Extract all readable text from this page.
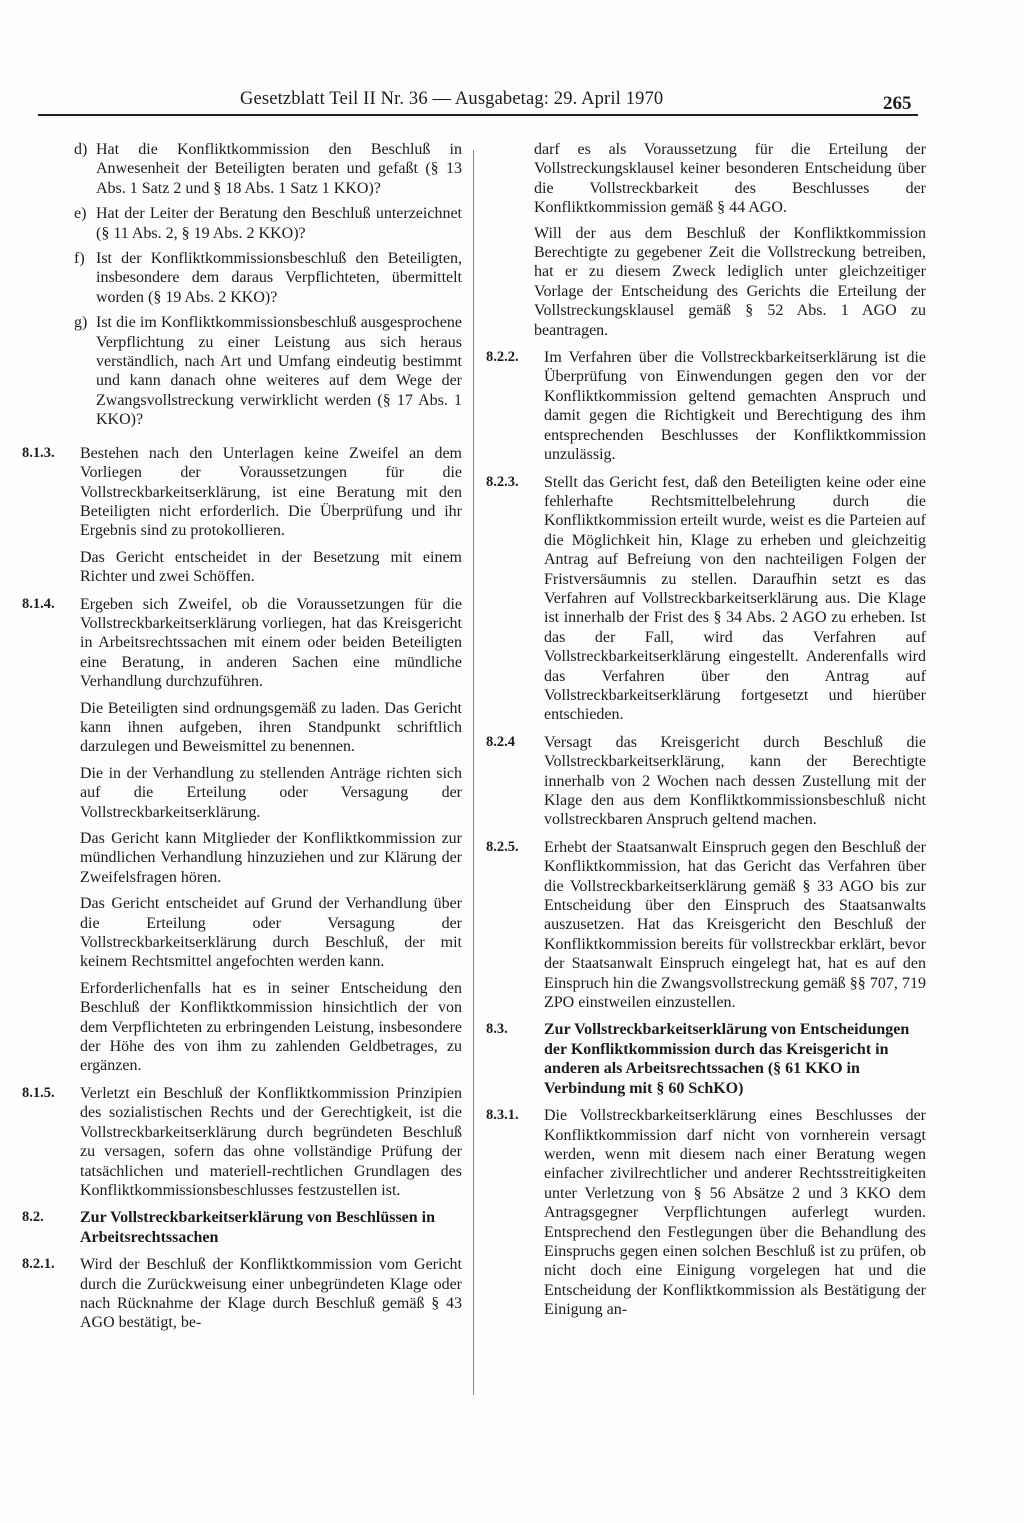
Gesetzblatt Teil II Nr. 36 — Ausgabetag: 29. April 1970	265
d) Hat die Konfliktkommission den Beschluß in Anwesenheit der Beteiligten beraten und gefaßt (§ 13 Abs. 1 Satz 2 und § 18 Abs. 1 Satz 1 KKO)?
e) Hat der Leiter der Beratung den Beschluß unterzeichnet (§ 11 Abs. 2, § 19 Abs. 2 KKO)?
f) Ist der Konfliktkommissionsbeschluß den Beteiligten, insbesondere dem daraus Verpflichteten, übermittelt worden (§ 19 Abs. 2 KKO)?
g) Ist die im Konfliktkommissionsbeschluß ausgesprochene Verpflichtung zu einer Leistung aus sich heraus verständlich, nach Art und Umfang eindeutig bestimmt und kann danach ohne weiteres auf dem Wege der Zwangsvollstreckung verwirklicht werden (§ 17 Abs. 1 KKO)?
8.1.3.	Bestehen nach den Unterlagen keine Zweifel an dem Vorliegen der Voraussetzungen für die Vollstreckbarkeitserklärung, ist eine Beratung mit den Beteiligten nicht erforderlich. Die Überprüfung und ihr Ergebnis sind zu protokollieren.

Das Gericht entscheidet in der Besetzung mit einem Richter und zwei Schöffen.

8.1.4.	Ergeben sich Zweifel, ob die Voraussetzungen für die Vollstreckbarkeitserklärung vorliegen, hat das Kreisgericht in Arbeitsrechtssachen mit einem oder beiden Beteiligten eine Beratung, in anderen Sachen eine mündliche Verhandlung durchzuführen.

Die Beteiligten sind ordnungsgemäß zu laden. Das Gericht kann ihnen aufgeben, ihren Standpunkt schriftlich darzulegen und Beweismittel zu benennen.

Die in der Verhandlung zu stellenden Anträge richten sich auf die Erteilung oder Versagung der Vollstreckbarkeitserklärung.

Das Gericht kann Mitglieder der Konfliktkommission zur mündlichen Verhandlung hinzuziehen und zur Klärung der Zweifelsfragen hören.

Das Gericht entscheidet auf Grund der Verhandlung über die Erteilung oder Versagung der Vollstreckbarkeitserklärung durch Beschluß, der mit keinem Rechtsmittel angefochten werden kann.

Erforderlichenfalls hat es in seiner Entscheidung den Beschluß der Konfliktkommission hinsichtlich der von dem Verpflichteten zu erbringenden Leistung, insbesondere der Höhe des von ihm zu zahlenden Geldbetrages, zu ergänzen.

8.1.5.	Verletzt ein Beschluß der Konfliktkommission Prinzipien des sozialistischen Rechts und der Gerechtigkeit, ist die Vollstreckbarkeitserklärung durch begründeten Beschluß zu versagen, sofern das ohne vollständige Prüfung der tatsächlichen und materiell-rechtlichen Grundlagen des Konfliktkommissionsbeschlusses festzustellen ist.

8.2.	Zur Vollstreckbarkeitserklärung von Beschlüssen in Arbeitsrechtssachen
8.2.1.	Wird der Beschluß der Konfliktkommission vom Gericht durch die Zurückweisung einer unbegründeten Klage oder nach Rücknahme der Klage durch Beschluß gemäß § 43 AGO bestätigt, be-

darf es als Voraussetzung für die Erteilung der Vollstreckungsklausel keiner besonderen Entscheidung über die Vollstreckbarkeit des Beschlusses der Konfliktkommission gemäß § 44 AGO.

Will der aus dem Beschluß der Konfliktkommission Berechtigte zu gegebener Zeit die Vollstreckung betreiben, hat er zu diesem Zweck lediglich unter gleichzeitiger Vorlage der Entscheidung des Gerichts die Erteilung der Vollstreckungsklausel gemäß § 52 Abs. 1 AGO zu beantragen.

8.2.2.	Im Verfahren über die Vollstreckbarkeitserklärung ist die Überprüfung von Einwendungen gegen den vor der Konfliktkommission geltend gemachten Anspruch und damit gegen die Richtigkeit und Berechtigung des ihm entsprechenden Beschlusses der Konfliktkommission unzulässig.

8.2.3.	Stellt das Gericht fest, daß den Beteiligten keine oder eine fehlerhafte Rechtsmittelbelehrung durch die Konfliktkommission erteilt wurde, weist es die Parteien auf die Möglichkeit hin, Klage zu erheben und gleichzeitig Antrag auf Befreiung von den nachteiligen Folgen der Fristversäumnis zu stellen. Daraufhin setzt es das Verfahren auf Vollstreckbarkeitserklärung aus. Die Klage ist innerhalb der Frist des § 34 Abs. 2 AGO zu erheben. Ist das der Fall, wird das Verfahren auf Vollstreckbarkeitserklärung eingestellt. Anderenfalls wird das Verfahren über den Antrag auf Vollstreckbarkeitserklärung fortgesetzt und hierüber entschieden.

8.2.4	Versagt das Kreisgericht durch Beschluß die Vollstreckbarkeitserklärung, kann der Berechtigte innerhalb von 2 Wochen nach dessen Zustellung mit der Klage den aus dem Konfliktkommissionsbeschluß nicht vollstreckbaren Anspruch geltend machen.

8.2.5.	Erhebt der Staatsanwalt Einspruch gegen den Beschluß der Konfliktkommission, hat das Gericht das Verfahren über die Vollstreckbarkeitserklärung gemäß § 33 AGO bis zur Entscheidung über den Einspruch des Staatsanwalts auszusetzen. Hat das Kreisgericht den Beschluß der Konfliktkommission bereits für vollstreckbar erklärt, bevor der Staatsanwalt Einspruch eingelegt hat, hat es auf den Einspruch hin die Zwangsvollstreckung gemäß §§ 707, 719 ZPO einstweilen einzustellen.

8.3.	Zur Vollstreckbarkeitserklärung von Entscheidungen der Konfliktkommission durch das Kreisgericht in anderen als Arbeitsrechtssachen (§ 61 KKO in Verbindung mit § 60 SchKO)
8.3.1.	Die Vollstreckbarkeitserklärung eines Beschlusses der Konfliktkommission darf nicht von vornherein versagt werden, wenn mit diesem nach einer Beratung wegen einfacher zivilrechtlicher und anderer Rechtsstreitigkeiten unter Verletzung von § 56 Absätze 2 und 3 KKO dem Antragsgegner Verpflichtungen auferlegt wurden. Entsprechend den Festlegungen über die Behandlung des Einspruchs gegen einen solchen Beschluß ist zu prüfen, ob nicht doch eine Einigung vorgelegen hat und die Entscheidung der Konfliktkommission als Bestätigung der Einigung an-
